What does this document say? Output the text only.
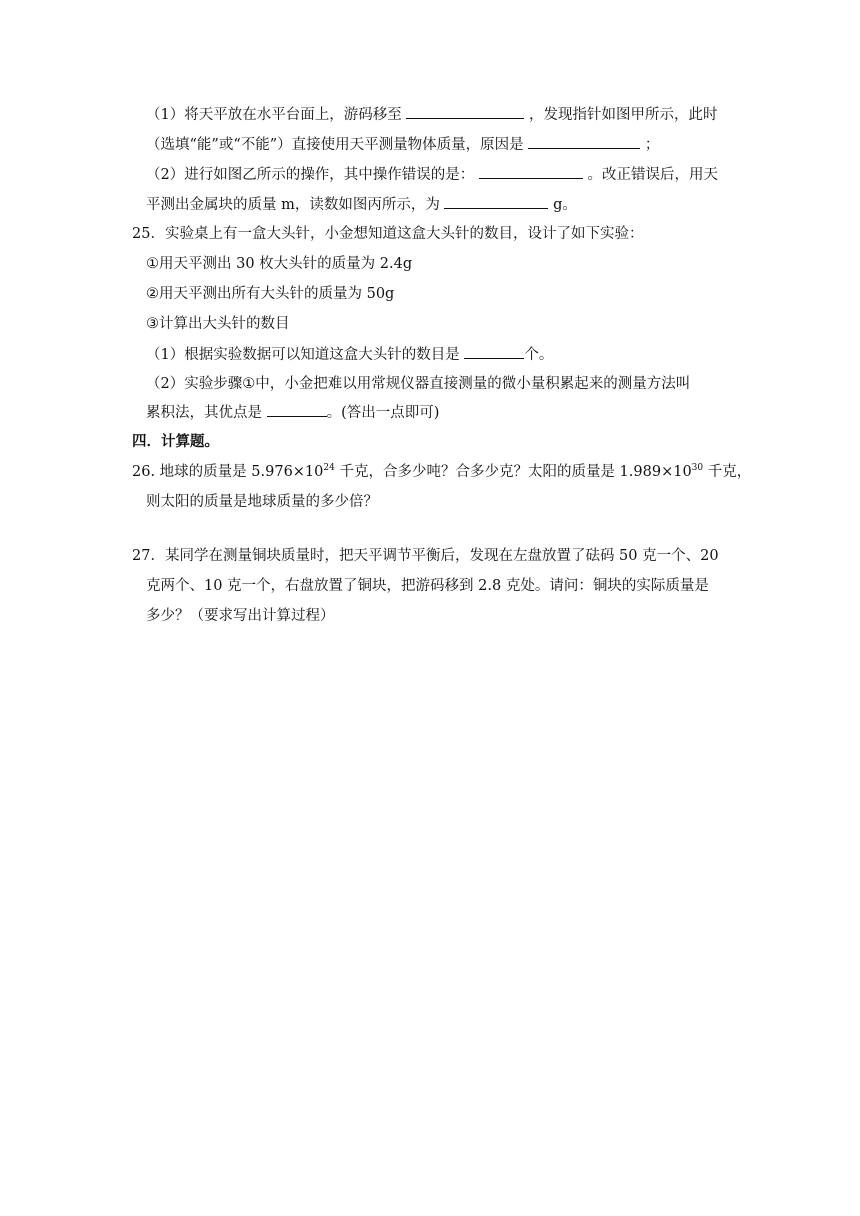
（1）将天平放在水平台面上，游码移至	，发现指针如图甲所示，此时
（选填“能”或“不能”）直接使用天平测量物体质量，原因是	；
（2）进行如图乙所示的操作，其中操作错误的是：	。改正错误后，用天
平测出金属块的质量 m，读数如图丙所示，为	g。
25．实验桌上有一盒大头针，小金想知道这盒大头针的数目，设计了如下实验：
①用天平测出 30 枚大头针的质量为 2.4g
②用天平测出所有大头针的质量为 50g
③计算出大头针的数目
（1）根据实验数据可以知道这盒大头针的数目是	个。
（2）实验步骤①中，小金把难以用常规仪器直接测量的微小量积累起来的测量方法叫
累积法，其优点是	。(答出一点即可)
四．计算题。
26. 地球的质量是 $5.976\times 10^{24}$ 千克，合多少吨？合多少克？太阳的质量是 $1.989\times 10^{30}$ 千克，
则太阳的质量是地球质量的多少倍？
27．某同学在测量铜块质量时，把天平调节平衡后，发现在左盘放置了砝码 50 克一个、20
克两个、10 克一个，右盘放置了铜块，把游码移到 2.8 克处。请问：铜块的实际质量是
多少？（要求写出计算过程）
